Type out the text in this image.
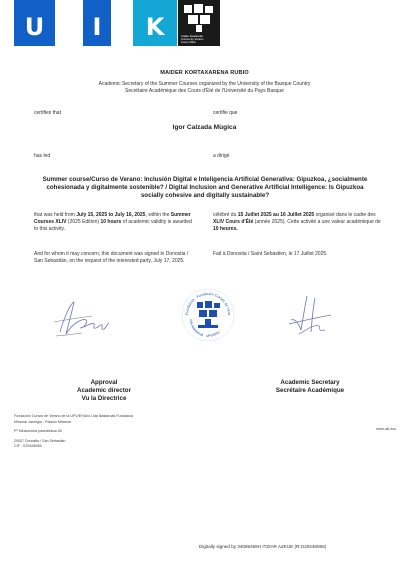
U	I	K	Udako Ikastaroak
Cursos de Verano
Cours d'Été
MAIDER KORTAXARENA RUBIO
Academic Secretary of the Summer Courses organized by the University of the Basque Country
Secrétaire Académique des Cours d'Été de l'Université du Pays Basque
certifies that	certifie que
Igor Calzada Mùgica
has led	a dirigé
Summer course/Curso de Verano: Inclusión Digital e Inteligencia Artificial Generativa: Gipuzkoa, ¿socialmente cohesionada y digitalmente sostenible? / Digital Inclusion and Generative Artificial Intelligence: Is Gipuzkoa socially cohesive and digitally sustainable?
that was held from July 15, 2025 to July 16, 2025, within the Summer Courses XLIV (2025 Edition) 10 hours of academic validity is awarded to this activity.
célébré du 15 Juillet 2025 au 16 Juillet 2025 organisé dans le cadre des XLIV Cours d'Été (année 2025). Cette activité a une valeur académique de 10 heures.
And for whom it may concern, this document was signed in Donostia / San Sebastián, on the request of the interested party, July 17, 2025.
Fait à Donostia / Saint Sebastien, le 17 Juillet 2025.
Fundazioa · Fundación Cursos de Vera
Uda Ikastaroak · UPV/EHU
Approval
Academic director
Vu la Directrice
Academic Secretary
Secrétaire Académique
Fundación Cursos de Verano de la UPV/EHUko Uda Ikastaroak Fundazioa
Miramar Jauregia - Palacio Miramar
Pº Miraconcha pasealekua 48
20007 Donostia / San Sebastián
CIF : G20448056
www.uik.eus
Digitally signed by 34085469H ITZIAR AZKUE (R:G20448056)
